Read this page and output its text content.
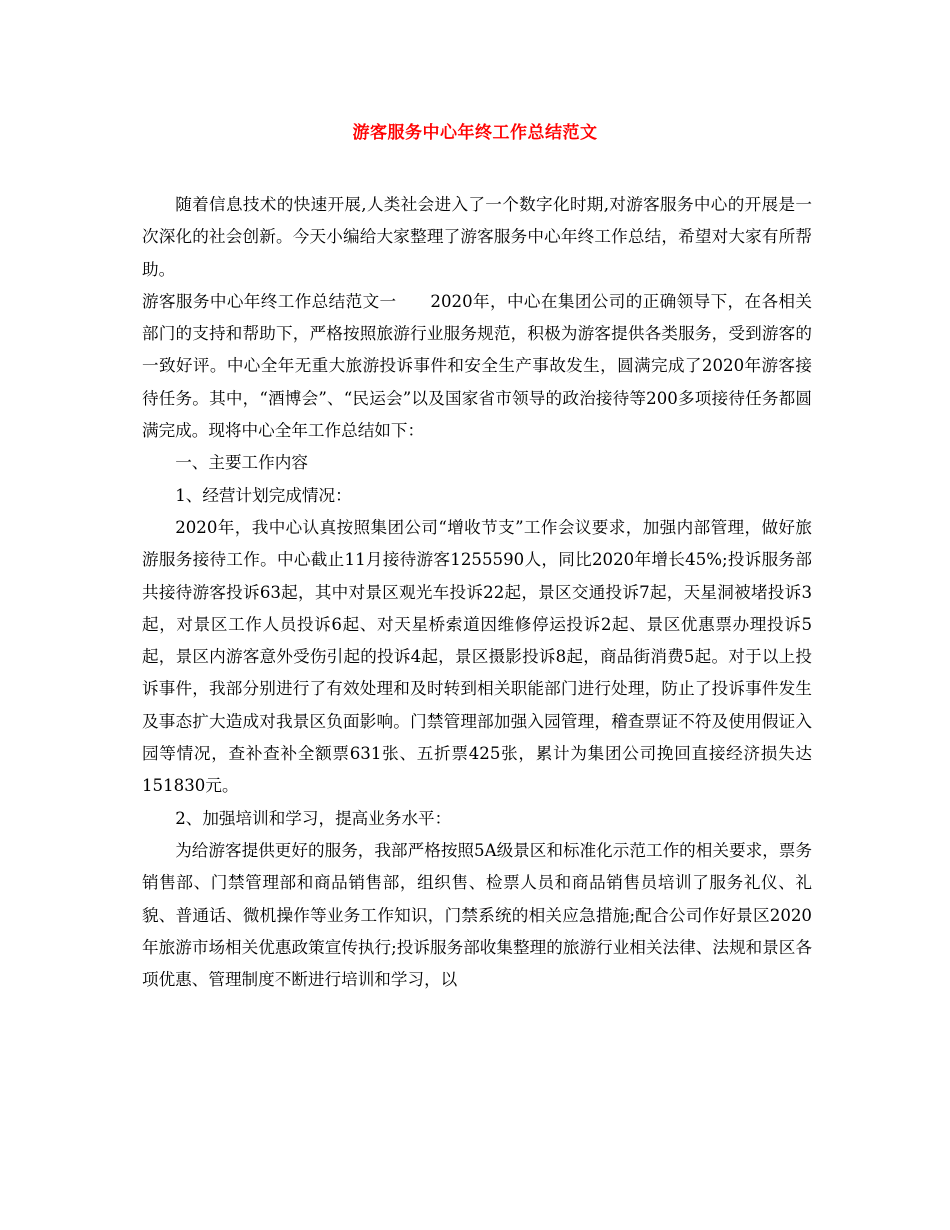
游客服务中心年终工作总结范文

随着信息技术的快速开展,人类社会进入了一个数字化时期,对游客服务中心的开展是一次深化的社会创新。今天小编给大家整理了游客服务中心年终工作总结，希望对大家有所帮助。

游客服务中心年终工作总结范文一　　2020年，中心在集团公司的正确领导下，在各相关部门的支持和帮助下，严格按照旅游行业服务规范，积极为游客提供各类服务，受到游客的一致好评。中心全年无重大旅游投诉事件和安全生产事故发生，圆满完成了2020年游客接待任务。其中，“酒博会”、“民运会”以及国家省市领导的政治接待等200多项接待任务都圆满完成。现将中心全年工作总结如下：

一、主要工作内容

1、经营计划完成情况：

2020年，我中心认真按照集团公司“增收节支”工作会议要求，加强内部管理，做好旅游服务接待工作。中心截止11月接待游客1255590人，同比2020年增长45%;投诉服务部共接待游客投诉63起，其中对景区观光车投诉22起，景区交通投诉7起，天星洞被堵投诉3起，对景区工作人员投诉6起、对天星桥索道因维修停运投诉2起、景区优惠票办理投诉5起，景区内游客意外受伤引起的投诉4起，景区摄影投诉8起，商品街消费5起。对于以上投诉事件，我部分别进行了有效处理和及时转到相关职能部门进行处理，防止了投诉事件发生及事态扩大造成对我景区负面影响。门禁管理部加强入园管理，稽查票证不符及使用假证入园等情况，查补查补全额票631张、五折票425张，累计为集团公司挽回直接经济损失达151830元。

2、加强培训和学习，提高业务水平：

为给游客提供更好的服务，我部严格按照5A级景区和标准化示范工作的相关要求，票务销售部、门禁管理部和商品销售部，组织售、检票人员和商品销售员培训了服务礼仪、礼貌、普通话、微机操作等业务工作知识，门禁系统的相关应急措施;配合公司作好景区2020年旅游市场相关优惠政策宣传执行;投诉服务部收集整理的旅游行业相关法律、法规和景区各项优惠、管理制度不断进行培训和学习，以
